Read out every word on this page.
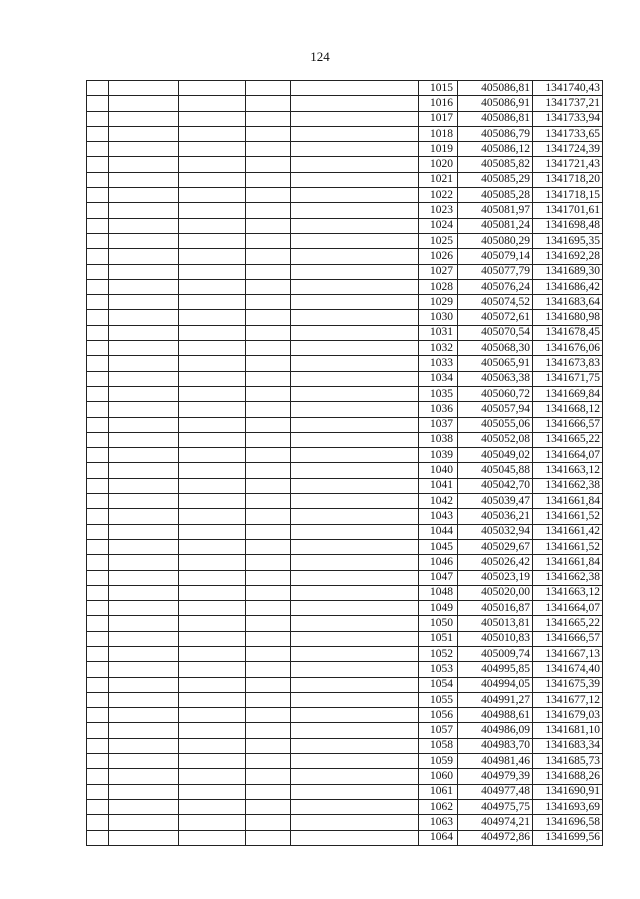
124
					1015	405086,81	1341740,43
					1016	405086,91	1341737,21
					1017	405086,81	1341733,94
					1018	405086,79	1341733,65
					1019	405086,12	1341724,39
					1020	405085,82	1341721,43
					1021	405085,29	1341718,20
					1022	405085,28	1341718,15
					1023	405081,97	1341701,61
					1024	405081,24	1341698,48
					1025	405080,29	1341695,35
					1026	405079,14	1341692,28
					1027	405077,79	1341689,30
					1028	405076,24	1341686,42
					1029	405074,52	1341683,64
					1030	405072,61	1341680,98
					1031	405070,54	1341678,45
					1032	405068,30	1341676,06
					1033	405065,91	1341673,83
					1034	405063,38	1341671,75
					1035	405060,72	1341669,84
					1036	405057,94	1341668,12
					1037	405055,06	1341666,57
					1038	405052,08	1341665,22
					1039	405049,02	1341664,07
					1040	405045,88	1341663,12
					1041	405042,70	1341662,38
					1042	405039,47	1341661,84
					1043	405036,21	1341661,52
					1044	405032,94	1341661,42
					1045	405029,67	1341661,52
					1046	405026,42	1341661,84
					1047	405023,19	1341662,38
					1048	405020,00	1341663,12
					1049	405016,87	1341664,07
					1050	405013,81	1341665,22
					1051	405010,83	1341666,57
					1052	405009,74	1341667,13
					1053	404995,85	1341674,40
					1054	404994,05	1341675,39
					1055	404991,27	1341677,12
					1056	404988,61	1341679,03
					1057	404986,09	1341681,10
					1058	404983,70	1341683,34
					1059	404981,46	1341685,73
					1060	404979,39	1341688,26
					1061	404977,48	1341690,91
					1062	404975,75	1341693,69
					1063	404974,21	1341696,58
					1064	404972,86	1341699,56
